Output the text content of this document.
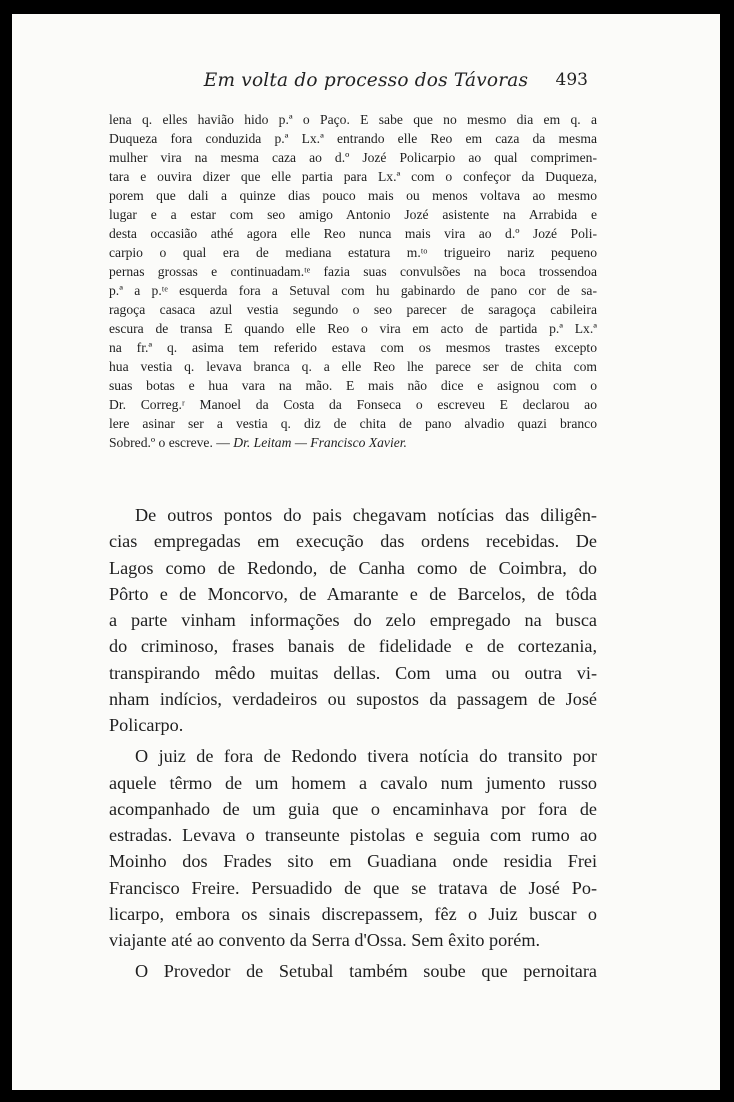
Em volta do processo dos Távoras	493
lena q. elles havião hido p.ª o Paço. E sabe que no mesmo dia em q. a
Duqueza fora conduzida p.ª Lx.ª entrando elle Reo em caza da mesma
mulher vira na mesma caza ao d.º Jozé Policarpio ao qual comprimen-
tara e ouvira dizer que elle partia para Lx.ª com o confeçor da Duqueza,
porem que dali a quinze dias pouco mais ou menos voltava ao mesmo
lugar e a estar com seo amigo Antonio Jozé asistente na Arrabida e
desta occasião athé agora elle Reo nunca mais vira ao d.º Jozé Poli-
carpio o qual era de mediana estatura m.ᵗᵒ trigueiro nariz pequeno
pernas grossas e continuadam.ᵗᵉ fazia suas convulsões na boca trossendoa
p.ª a p.ᵗᵉ esquerda fora a Setuval com hu gabinardo de pano cor de sa-
ragoça casaca azul vestia segundo o seo parecer de saragoça cabileira
escura de transa E quando elle Reo o vira em acto de partida p.ª Lx.ª
na fr.ª q. asima tem referido estava com os mesmos trastes excepto
hua vestia q. levava branca q. a elle Reo lhe parece ser de chita com
suas botas e hua vara na mão. E mais não dice e asignou com o
Dr. Correg.ʳ Manoel da Costa da Fonseca o escreveu E declarou ao
lere asinar ser a vestia q. diz de chita de pano alvadio quazi branco
Sobred.º o escreve. — Dr. Leitam — Francisco Xavier.
De outros pontos do pais chegavam notícias das diligên-
cias empregadas em execução das ordens recebidas. De
Lagos como de Redondo, de Canha como de Coimbra, do
Pôrto e de Moncorvo, de Amarante e de Barcelos, de tôda
a parte vinham informações do zelo empregado na busca
do criminoso, frases banais de fidelidade e de cortezania,
transpirando mêdo muitas dellas. Com uma ou outra vi-
nham indícios, verdadeiros ou supostos da passagem de José
Policarpo.
O juiz de fora de Redondo tivera notícia do transito por
aquele têrmo de um homem a cavalo num jumento russo
acompanhado de um guia que o encaminhava por fora de
estradas. Levava o transeunte pistolas e seguia com rumo ao
Moinho dos Frades sito em Guadiana onde residia Frei
Francisco Freire. Persuadido de que se tratava de José Po-
licarpo, embora os sinais discrepassem, fêz o Juiz buscar o
viajante até ao convento da Serra d'Ossa. Sem êxito porém.
O Provedor de Setubal também soube que pernoitara
